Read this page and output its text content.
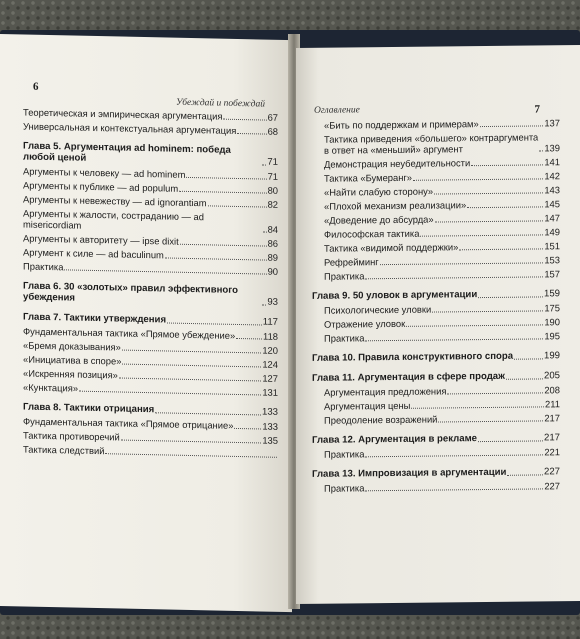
6
Убеждай и побеждай
Теоретическая и эмпирическая аргументация	67
Универсальная и контекстуальная аргументация	68
Глава 5. Аргументация ad hominem: победа любой ценой	71
Аргументы к человеку — ad hominem	71
Аргументы к публике — ad populum	80
Аргументы к невежеству — ad ignorantiam	82
Аргументы к жалости, состраданию — ad misericordiam	84
Аргументы к авторитету — ipse dixit	86
Аргумент к силе — ad baculinum	89
Практика	90
Глава 6. 30 «золотых» правил эффективного убеждения	93
Глава 7. Тактики утверждения	117
Фундаментальная тактика «Прямое убеждение»	118
«Бремя доказывания»	120
«Инициатива в споре»	124
«Искренняя позиция»	127
«Кунктация»	131
Глава 8. Тактики отрицания	133
Фундаментальная тактика «Прямое отрицание»	133
Тактика противоречий	135
Тактика следствий
Оглавление	7
«Бить по поддержкам и примерам»	137
Тактика приведения «большего» контраргумента в ответ на «меньший» аргумент	139
Демонстрация неубедительности	141
Тактика «Бумеранг»	142
«Найти слабую сторону»	143
«Плохой механизм реализации»	145
«Доведение до абсурда»	147
Философская тактика	149
Тактика «видимой поддержки»	151
Рефрейминг	153
Практика	157
Глава 9. 50 уловок в аргументации	159
Психологические уловки	175
Отражение уловок	190
Практика	195
Глава 10. Правила конструктивного спора	199
Глава 11. Аргументация в сфере продаж	205
Аргументация предложения	208
Аргументация цены	211
Преодоление возражений	217
Глава 12. Аргументация в рекламе	217
Практика	221
Глава 13. Импровизация в аргументации	227
Практика	227
